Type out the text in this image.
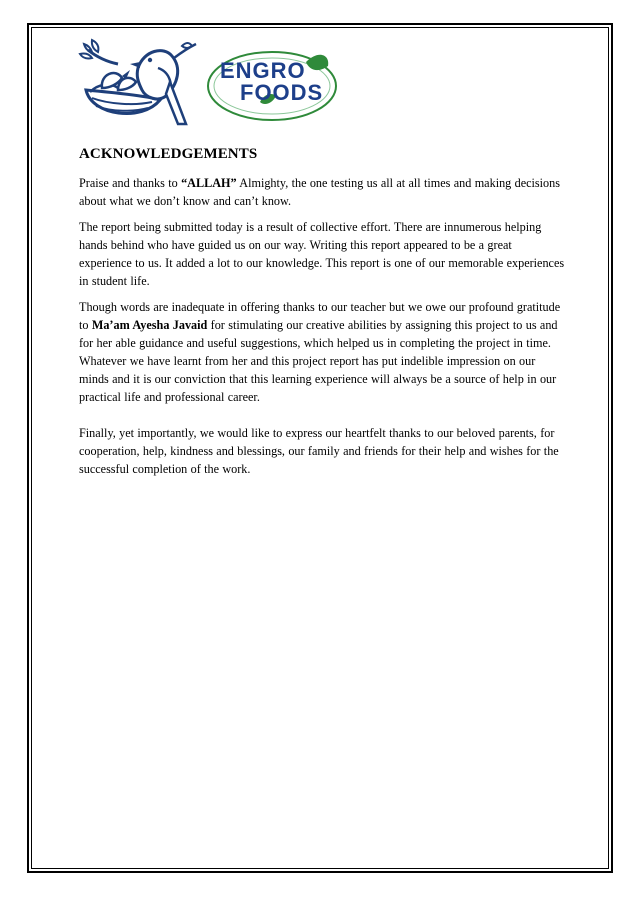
ENGRO
FOODS
ACKNOWLEDGEMENTS

Praise and thanks to “ALLAH” Almighty, the one testing us all at all times and making decisions about what we don’t know and can’t know.

The report being submitted today is a result of collective effort. There are innumerous helping hands behind who have guided us on our way. Writing this report appeared to be a great experience to us. It added a lot to our knowledge. This report is one of our memorable experiences in student life.

Though words are inadequate in offering thanks to our teacher but we owe our profound gratitude to Ma’am Ayesha Javaid for stimulating our creative abilities by assigning this project to us and for her able guidance and useful suggestions, which helped us in completing the project in time. Whatever we have learnt from her and this project report has put indelible impression on our minds and it is our conviction that this learning experience will always be a source of help in our practical life and professional career.

Finally, yet importantly, we would like to express our heartfelt thanks to our beloved parents, for cooperation, help, kindness and blessings, our family and friends for their help and wishes for the successful completion of the work.
